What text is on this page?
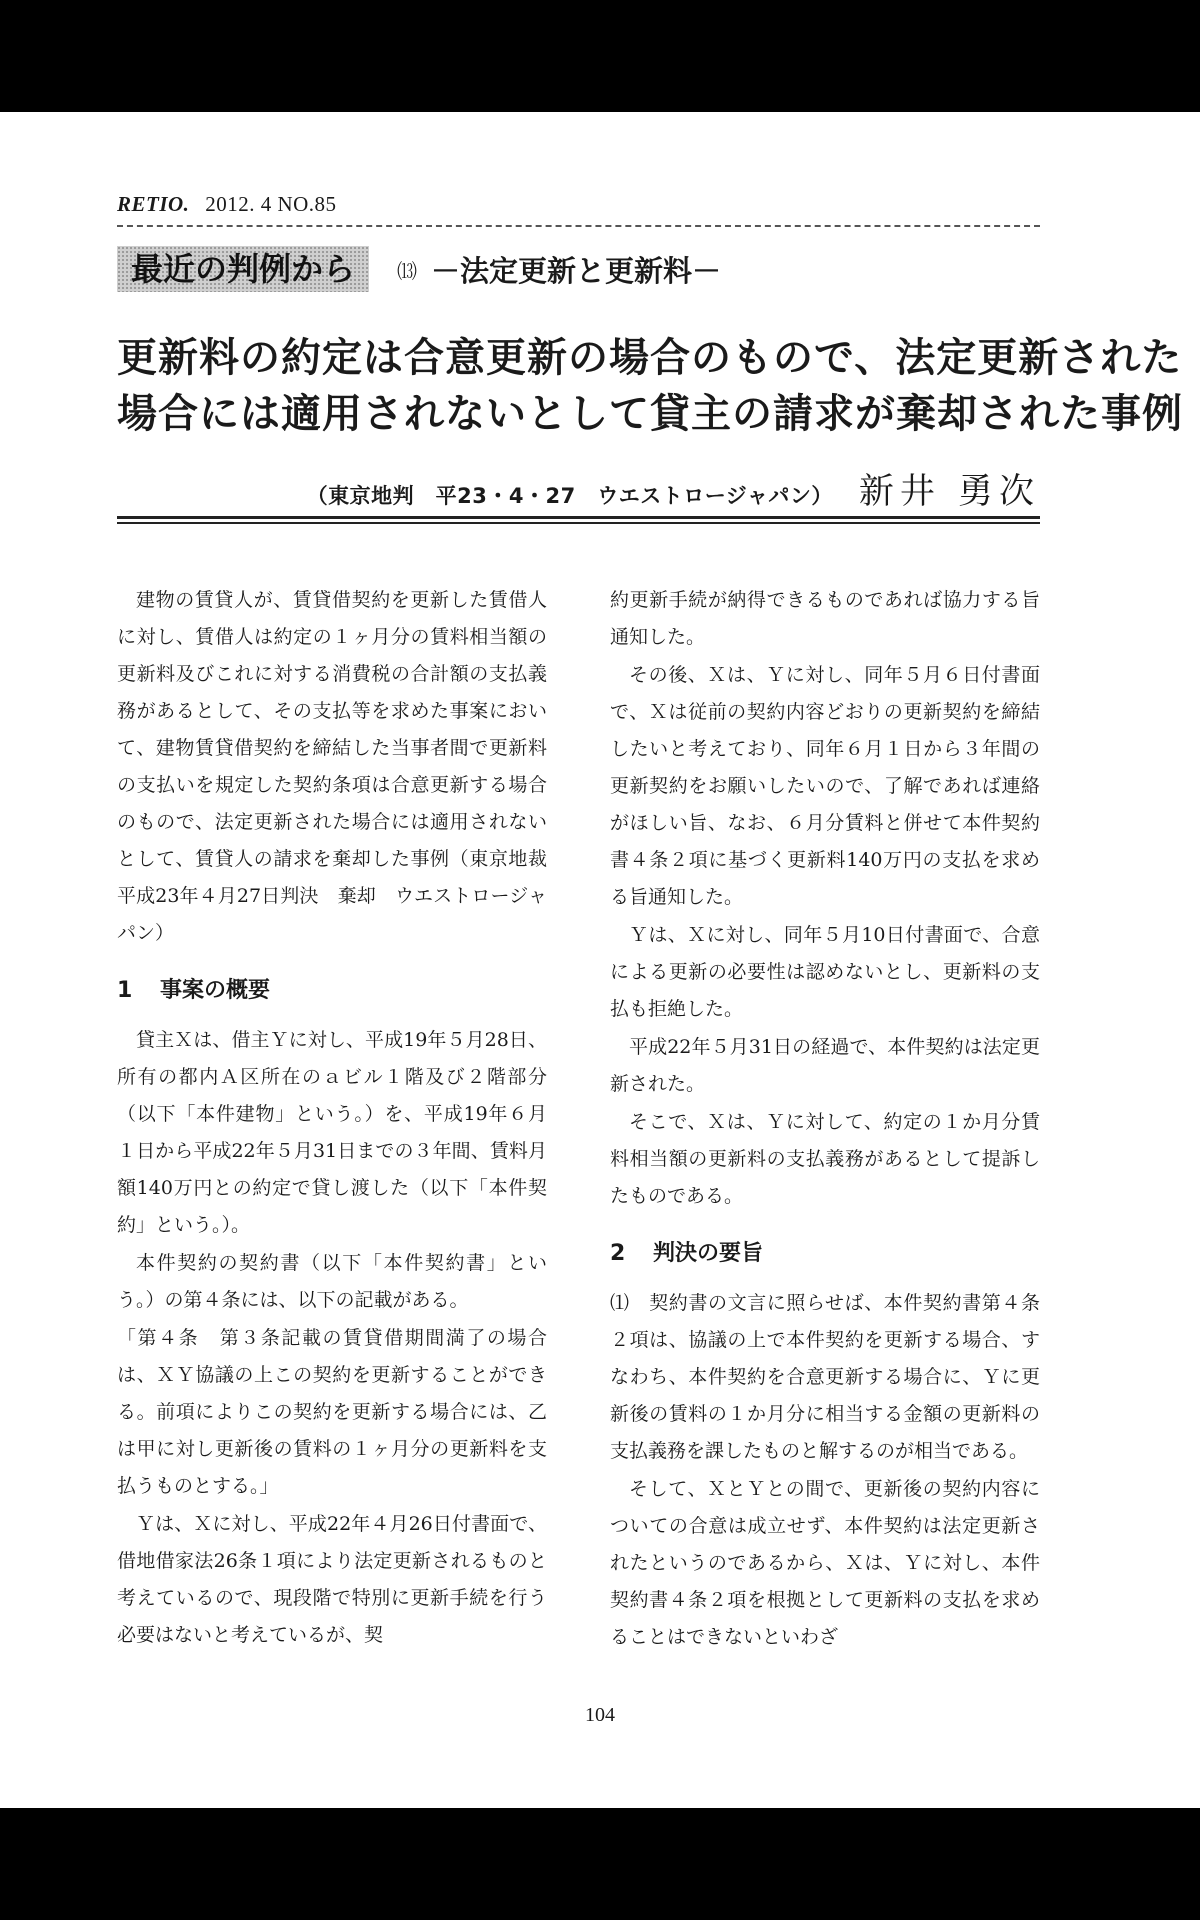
RETIO. 2012. 4 NO.85
最近の判例から	⒀ －法定更新と更新料－
更新料の約定は合意更新の場合のもので、法定更新された
場合には適用されないとして貸主の請求が棄却された事例
（東京地判　平23・4・27　ウエストロージャパン） 新井 勇次

建物の賃貸人が、賃貸借契約を更新した賃借人に対し、賃借人は約定の１ヶ月分の賃料相当額の更新料及びこれに対する消費税の合計額の支払義務があるとして、その支払等を求めた事案において、建物賃貸借契約を締結した当事者間で更新料の支払いを規定した契約条項は合意更新する場合のもので、法定更新された場合には適用されないとして、賃貸人の請求を棄却した事例（東京地裁　平成23年４月27日判決　棄却　ウエストロージャパン）

1 事案の概要

貸主Ｘは、借主Ｙに対し、平成19年５月28日、所有の都内Ａ区所在のａビル１階及び２階部分（以下「本件建物」という。）を、平成19年６月１日から平成22年５月31日までの３年間、賃料月額140万円との約定で貸し渡した（以下「本件契約」という。）。

本件契約の契約書（以下「本件契約書」という。）の第４条には、以下の記載がある。

「第４条　第３条記載の賃貸借期間満了の場合は、ＸＹ協議の上この契約を更新することができる。前項によりこの契約を更新する場合には、乙は甲に対し更新後の賃料の１ヶ月分の更新料を支払うものとする。」

Ｙは、Ｘに対し、平成22年４月26日付書面で、借地借家法26条１項により法定更新されるものと考えているので、現段階で特別に更新手続を行う必要はないと考えているが、契

約更新手続が納得できるものであれば協力する旨通知した。

その後、Ｘは、Ｙに対し、同年５月６日付書面で、Ｘは従前の契約内容どおりの更新契約を締結したいと考えており、同年６月１日から３年間の更新契約をお願いしたいので、了解であれば連絡がほしい旨、なお、６月分賃料と併せて本件契約書４条２項に基づく更新料140万円の支払を求める旨通知した。

Ｙは、Ｘに対し、同年５月10日付書面で、合意による更新の必要性は認めないとし、更新料の支払も拒絶した。

平成22年５月31日の経過で、本件契約は法定更新された。

そこで、Ｘは、Ｙに対して、約定の１か月分賃料相当額の更新料の支払義務があるとして提訴したものである。

2 判決の要旨

⑴　契約書の文言に照らせば、本件契約書第４条２項は、協議の上で本件契約を更新する場合、すなわち、本件契約を合意更新する場合に、Ｙに更新後の賃料の１か月分に相当する金額の更新料の支払義務を課したものと解するのが相当である。

そして、ＸとＹとの間で、更新後の契約内容についての合意は成立せず、本件契約は法定更新されたというのであるから、Ｘは、Ｙに対し、本件契約書４条２項を根拠として更新料の支払を求めることはできないといわざ

104
